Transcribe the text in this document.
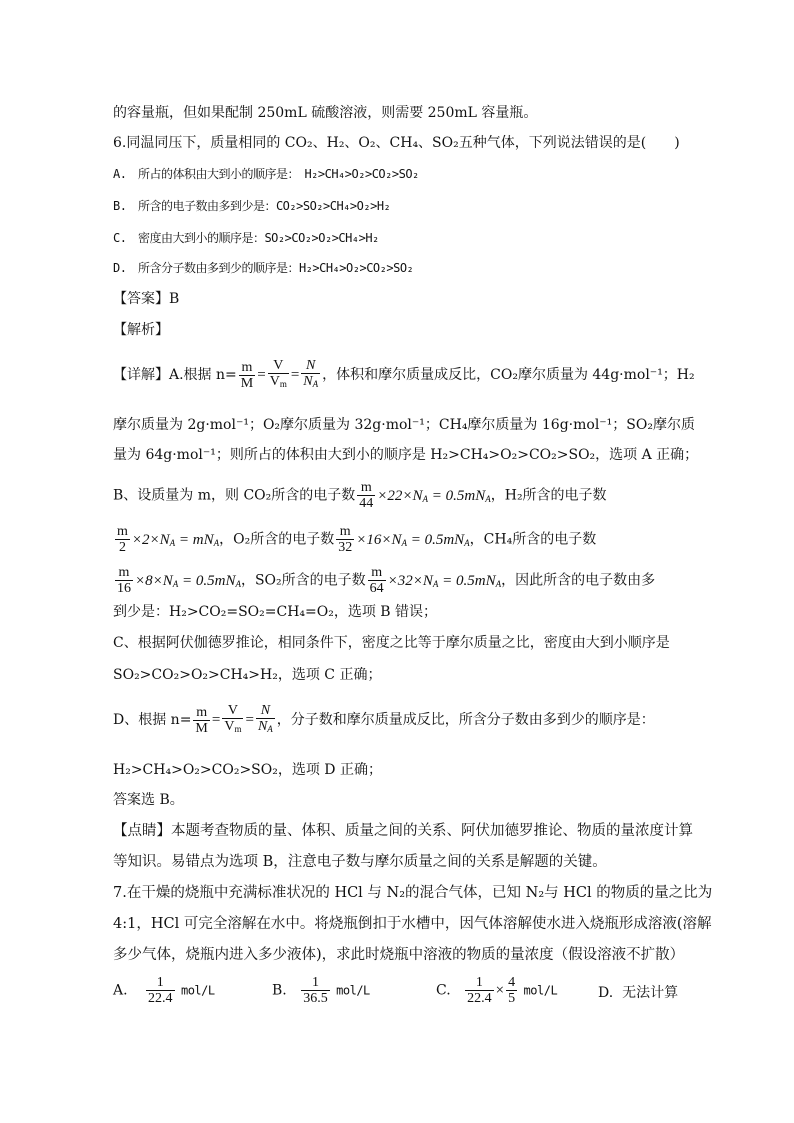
的容量瓶，但如果配制 250mL 硫酸溶液，则需要 250mL 容量瓶。
6.同温同压下，质量相同的 CO₂、H₂、O₂、CH₄、SO₂五种气体，下列说法错误的是(　　)
A.　所占的体积由大到小的顺序是：　H₂>CH₄>O₂>CO₂>SO₂
B.　所含的电子数由多到少是：CO₂>SO₂>CH₄>O₂>H₂
C.　密度由大到小的顺序是：SO₂>CO₂>O₂>CH₄>H₂
D.　所含分子数由多到少的顺序是：H₂>CH₄>O₂>CO₂>SO₂
【答案】B
【解析】
【详解】A.根据 $n= \frac{m}{M} = \frac{V}{V_m} = \frac{N}{N_A}$ ，体积和摩尔质量成反比，CO₂摩尔质量为 44g·mol⁻¹；H₂
摩尔质量为 2g·mol⁻¹；O₂摩尔质量为 32g·mol⁻¹；CH₄摩尔质量为 16g·mol⁻¹；SO₂摩尔质
量为 64g·mol⁻¹；则所占的体积由大到小的顺序是 H₂>CH₄>O₂>CO₂>SO₂，选项 A 正确；
B、设质量为 m，则 CO₂所含的电子数 $\frac{m}{44} \times 22\times N_A = 0.5mN_A$，H₂所含的电子数
$\frac{m}{2} \times 2\times N_A = mN_A$，O₂所含的电子数 $\frac{m}{32} \times 16\times N_A = 0.5mN_A$，CH₄所含的电子数
$\frac{m}{16} \times 8\times N_A = 0.5mN_A$，SO₂所含的电子数 $\frac{m}{64} \times 32\times N_A = 0.5mN_A$，因此所含的电子数由多
到少是：H₂>CO₂=SO₂=CH₄=O₂，选项 B 错误；
C、根据阿伏伽德罗推论，相同条件下，密度之比等于摩尔质量之比，密度由大到小顺序是
SO₂>CO₂>O₂>CH₄>H₂，选项 C 正确；
D、根据 $n= \frac{m}{M} = \frac{V}{V_m} = \frac{N}{N_A}$ ，分子数和摩尔质量成反比，所含分子数由多到少的顺序是：
H₂>CH₄>O₂>CO₂>SO₂，选项 D 正确；
答案选 B。
【点睛】本题考查物质的量、体积、质量之间的关系、阿伏加德罗推论、物质的量浓度计算
等知识。易错点为选项 B，注意电子数与摩尔质量之间的关系是解题的关键。
7.在干燥的烧瓶中充满标准状况的 HCl 与 N₂的混合气体，已知 N₂与 HCl 的物质的量之比为
4:1，HCl 可完全溶解在水中。将烧瓶倒扣于水槽中，因气体溶解使水进入烧瓶形成溶液(溶解
多少气体，烧瓶内进入多少液体)，求此时烧瓶中溶液的物质的量浓度（假设溶液不扩散）
A. $\frac{1}{22.4} mol/L$	B. $\frac{1}{36.5} mol/L$	C. $\frac{1}{22.4} \times \frac{4}{5} mol/L$	D. 无法计算
